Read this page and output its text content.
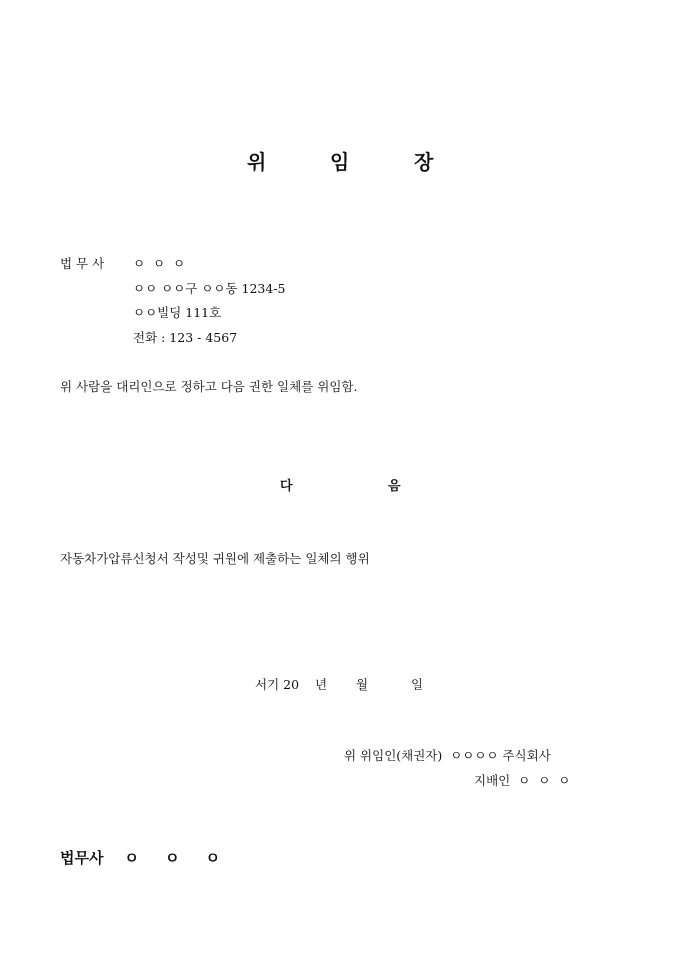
위	임	장
법 무 사 ㅇ  ㅇ  ㅇ
ㅇㅇ ㅇㅇ구 ㅇㅇ동 1234-5
ㅇㅇ빌딩 111호
전화 : 123 - 4567
위 사람을 대리인으로 정하고 다음 권한 일체를 위임함.
다	음
자동차가압류신청서 작성및 귀원에 제출하는 일체의 행위
서기 20 년 월	일
위 위임인(채권자)  ㅇㅇㅇㅇ 주식회사
지배인  ㅇ  ㅇ  ㅇ
법무사    ㅇ     ㅇ     ㅇ
